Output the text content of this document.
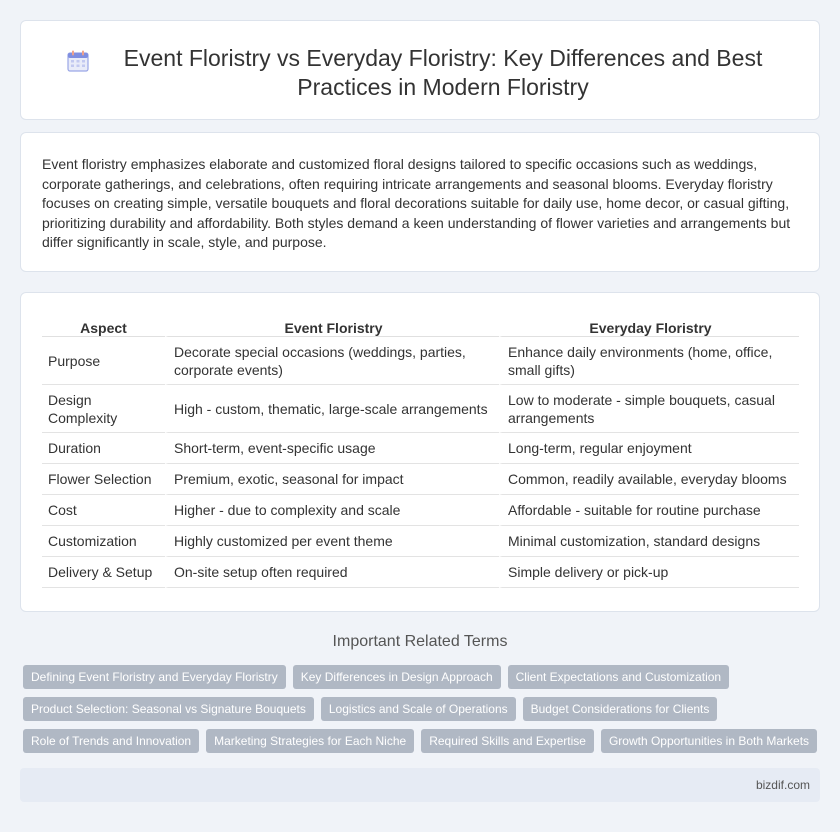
Event Floristry vs Everyday Floristry: Key Differences and Best Practices in Modern Floristry

Event floristry emphasizes elaborate and customized floral designs tailored to specific occasions such as weddings, corporate gatherings, and celebrations, often requiring intricate arrangements and seasonal blooms. Everyday floristry focuses on creating simple, versatile bouquets and floral decorations suitable for daily use, home decor, or casual gifting, prioritizing durability and affordability. Both styles demand a keen understanding of flower varieties and arrangements but differ significantly in scale, style, and purpose.

Aspect	Event Floristry	Everyday Floristry
Purpose	Decorate special occasions (weddings, parties, corporate events)	Enhance daily environments (home, office, small gifts)
Design Complexity	High - custom, thematic, large-scale arrangements	Low to moderate - simple bouquets, casual arrangements
Duration	Short-term, event-specific usage	Long-term, regular enjoyment
Flower Selection	Premium, exotic, seasonal for impact	Common, readily available, everyday blooms
Cost	Higher - due to complexity and scale	Affordable - suitable for routine purchase
Customization	Highly customized per event theme	Minimal customization, standard designs
Delivery & Setup	On-site setup often required	Simple delivery or pick-up
Important Related Terms
Defining Event Floristry and Everyday Floristry	Key Differences in Design Approach	Client Expectations and Customization
Product Selection: Seasonal vs Signature Bouquets	Logistics and Scale of Operations	Budget Considerations for Clients
Role of Trends and Innovation	Marketing Strategies for Each Niche	Required Skills and Expertise	Growth Opportunities in Both Markets
bizdif.com
